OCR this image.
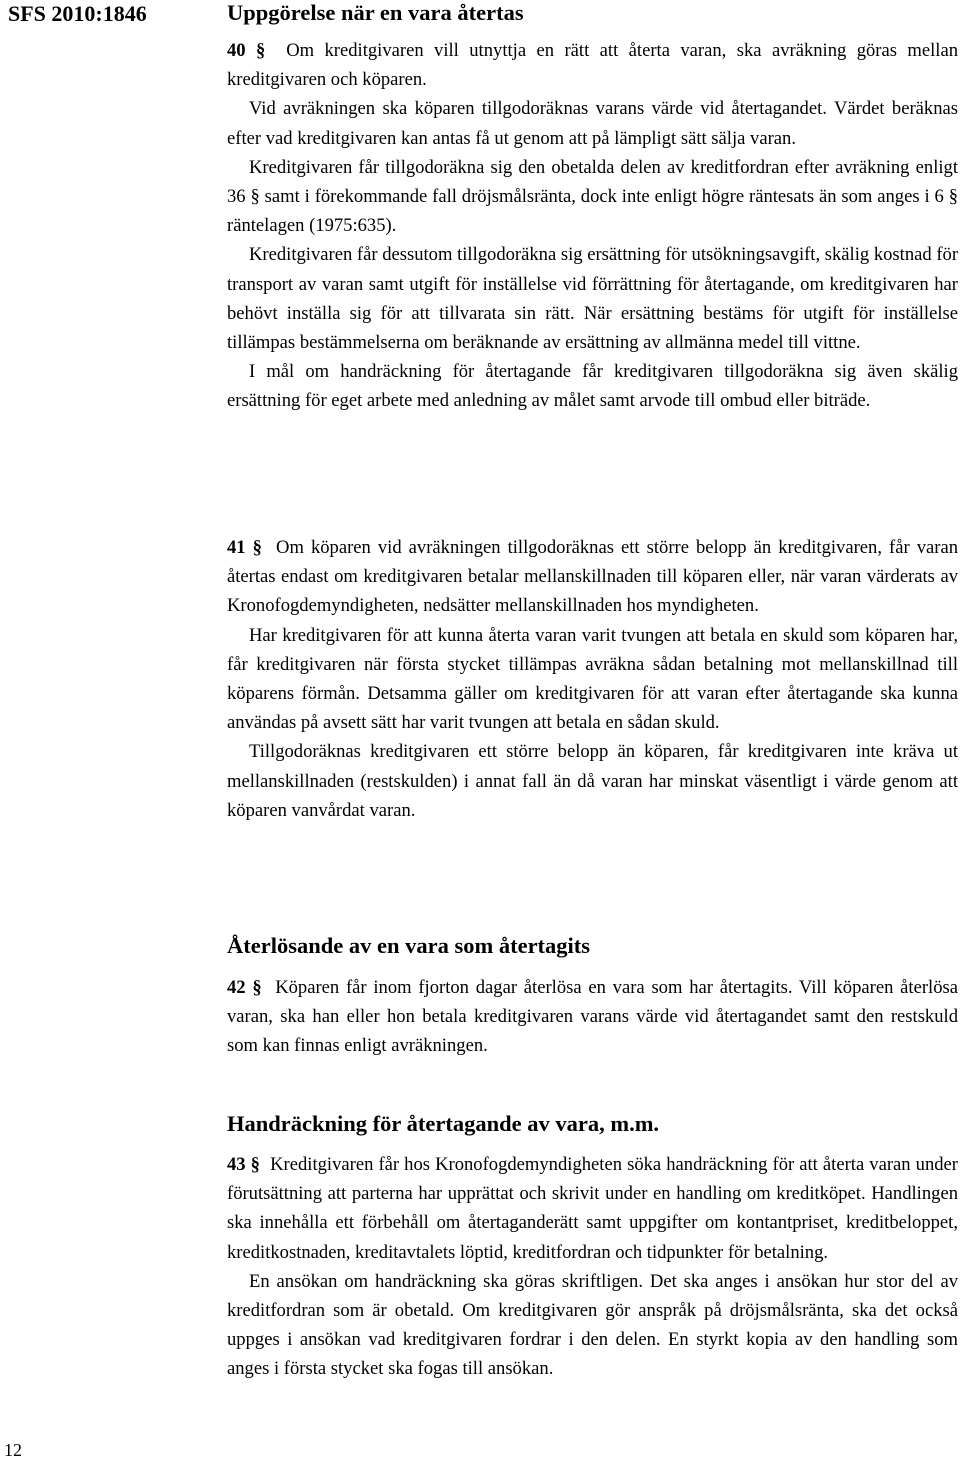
SFS 2010:1846	Uppgörelse när en vara återtas

40 § Om kreditgivaren vill utnyttja en rätt att återta varan, ska avräkning göras mellan kreditgivaren och köparen.

Vid avräkningen ska köparen tillgodoräknas varans värde vid återtagandet. Värdet beräknas efter vad kreditgivaren kan antas få ut genom att på lämpligt sätt sälja varan.

Kreditgivaren får tillgodoräkna sig den obetalda delen av kreditfordran efter avräkning enligt 36 § samt i förekommande fall dröjsmålsränta, dock inte enligt högre räntesats än som anges i 6 § räntelagen (1975:635).

Kreditgivaren får dessutom tillgodoräkna sig ersättning för utsökningsavgift, skälig kostnad för transport av varan samt utgift för inställelse vid förrättning för återtagande, om kreditgivaren har behövt inställa sig för att tillvarata sin rätt. När ersättning bestäms för utgift för inställelse tillämpas bestämmelserna om beräknande av ersättning av allmänna medel till vittne.

I mål om handräckning för återtagande får kreditgivaren tillgodoräkna sig även skälig ersättning för eget arbete med anledning av målet samt arvode till ombud eller biträde.

41 § Om köparen vid avräkningen tillgodoräknas ett större belopp än kreditgivaren, får varan återtas endast om kreditgivaren betalar mellanskillnaden till köparen eller, när varan värderats av Kronofogdemyndigheten, nedsätter mellanskillnaden hos myndigheten.

Har kreditgivaren för att kunna återta varan varit tvungen att betala en skuld som köparen har, får kreditgivaren när första stycket tillämpas avräkna sådan betalning mot mellanskillnad till köparens förmån. Detsamma gäller om kreditgivaren för att varan efter återtagande ska kunna användas på avsett sätt har varit tvungen att betala en sådan skuld.

Tillgodoräknas kreditgivaren ett större belopp än köparen, får kreditgivaren inte kräva ut mellanskillnaden (restskulden) i annat fall än då varan har minskat väsentligt i värde genom att köparen vanvårdat varan.

Återlösande av en vara som återtagits

42 § Köparen får inom fjorton dagar återlösa en vara som har återtagits. Vill köparen återlösa varan, ska han eller hon betala kreditgivaren varans värde vid återtagandet samt den restskuld som kan finnas enligt avräkningen.

Handräckning för återtagande av vara, m.m.

43 § Kreditgivaren får hos Kronofogdemyndigheten söka handräckning för att återta varan under förutsättning att parterna har upprättat och skrivit under en handling om kreditköpet. Handlingen ska innehålla ett förbehåll om återtaganderätt samt uppgifter om kontantpriset, kreditbeloppet, kreditkostnaden, kreditavtalets löptid, kreditfordran och tidpunkter för betalning.

En ansökan om handräckning ska göras skriftligen. Det ska anges i ansökan hur stor del av kreditfordran som är obetald. Om kreditgivaren gör anspråk på dröjsmålsränta, ska det också uppges i ansökan vad kreditgivaren fordrar i den delen. En styrkt kopia av den handling som anges i första stycket ska fogas till ansökan.

12
